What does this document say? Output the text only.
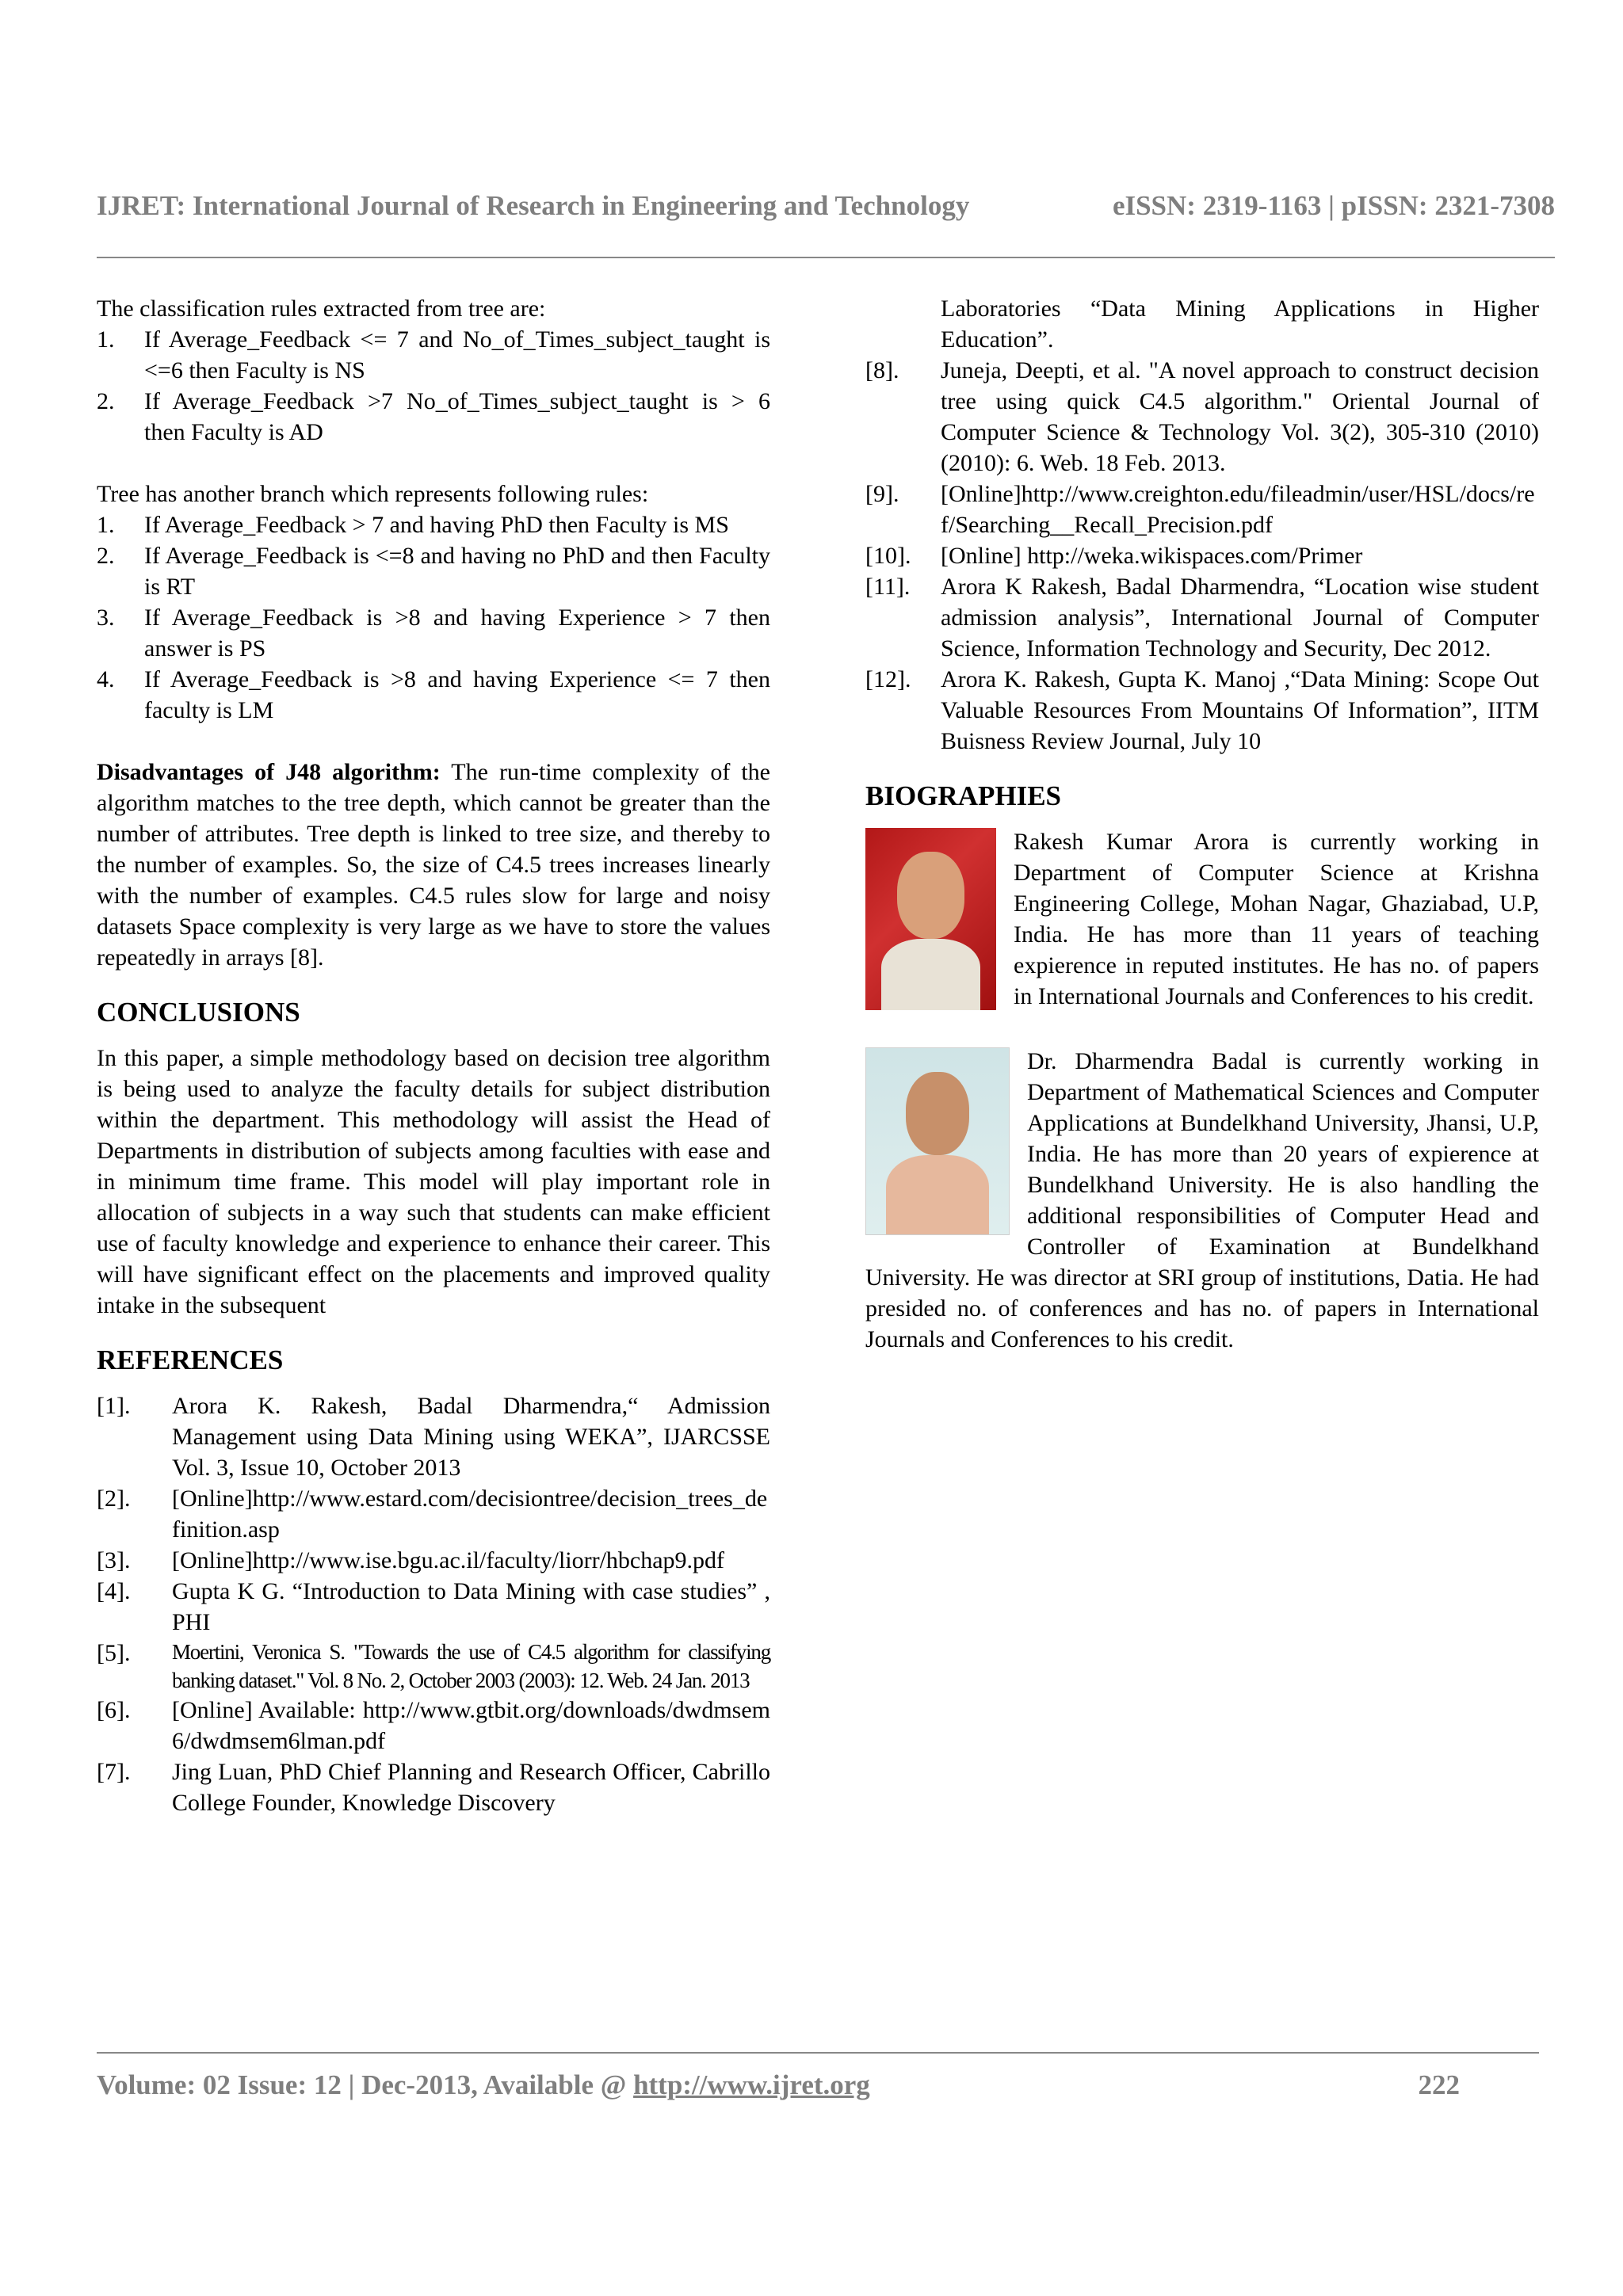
IJRET: International Journal of Research in Engineering and Technology	eISSN: 2319-1163 | pISSN: 2321-7308

The classification rules extracted from tree are:

1.	If Average_Feedback <= 7 and No_of_Times_subject_taught is <=6 then Faculty is NS
2.	If Average_Feedback >7 No_of_Times_subject_taught is > 6 then Faculty is AD

Tree has another branch which represents following rules:

1.	If Average_Feedback > 7 and having PhD then Faculty is MS
2.	If Average_Feedback is <=8 and having no PhD and then Faculty is RT
3.	If Average_Feedback is >8 and having Experience > 7 then answer is PS
4.	If Average_Feedback is >8 and having Experience <= 7 then faculty is LM

Disadvantages of J48 algorithm: The run-time complexity of the algorithm matches to the tree depth, which cannot be greater than the number of attributes. Tree depth is linked to tree size, and thereby to the number of examples. So, the size of C4.5 trees increases linearly with the number of examples. C4.5 rules slow for large and noisy datasets Space complexity is very large as we have to store the values repeatedly in arrays [8].

CONCLUSIONS

In this paper, a simple methodology based on decision tree algorithm is being used to analyze the faculty details for subject distribution within the department. This methodology will assist the Head of Departments in distribution of subjects among faculties with ease and in minimum time frame. This model will play important role in allocation of subjects in a way such that students can make efficient use of faculty knowledge and experience to enhance their career. This will have significant effect on the placements and improved quality intake in the subsequent

REFERENCES
[1].	Arora K. Rakesh, Badal Dharmendra,“ Admission Management using Data Mining using WEKA”, IJARCSSE Vol. 3, Issue 10, October 2013
[2].	[Online]http://www.estard.com/decisiontree/decision_trees_definition.asp
[3].	[Online]http://www.ise.bgu.ac.il/faculty/liorr/hbchap9.pdf
[4].	Gupta K G. “Introduction to Data Mining with case studies” , PHI
[5].	Moertini, Veronica S. "Towards the use of C4.5 algorithm for classifying banking dataset." Vol. 8 No. 2, October 2003 (2003): 12. Web. 24 Jan. 2013
[6].	[Online] Available: http://www.gtbit.org/downloads/dwdmsem6/dwdmsem6lman.pdf
[7].	Jing Luan, PhD Chief Planning and Research Officer, Cabrillo College Founder, Knowledge Discovery
Laboratories “Data Mining Applications in Higher Education”.
[8].	Juneja, Deepti, et al. "A novel approach to construct decision tree using quick C4.5 algorithm." Oriental Journal of Computer Science & Technology Vol. 3(2), 305-310 (2010) (2010): 6. Web. 18 Feb. 2013.
[9].	[Online]http://www.creighton.edu/fileadmin/user/HSL/docs/ref/Searching__Recall_Precision.pdf
[10].	[Online] http://weka.wikispaces.com/Primer
[11].	Arora K Rakesh, Badal Dharmendra, “Location wise student admission analysis”, International Journal of Computer Science, Information Technology and Security, Dec 2012.
[12].	Arora K. Rakesh, Gupta K. Manoj ,“Data Mining: Scope Out Valuable Resources From Mountains Of Information”, IITM Buisness Review Journal, July 10
BIOGRAPHIES

Rakesh Kumar Arora is currently working in Department of Computer Science at Krishna Engineering College, Mohan Nagar, Ghaziabad, U.P, India. He has more than 11 years of teaching expierence in reputed institutes. He has no. of papers in International Journals and Conferences to his credit.

Dr. Dharmendra Badal is currently working in Department of Mathematical Sciences and Computer Applications at Bundelkhand University, Jhansi, U.P, India. He has more than 20 years of expierence at Bundelkhand University. He is also handling the additional responsibilities of Computer Head and Controller of Examination at Bundelkhand University. He was director at SRI group of institutions, Datia. He had presided no. of conferences and has no. of papers in International Journals and Conferences to his credit.

Volume: 02 Issue: 12 | Dec-2013, Available @ http://www.ijret.org	222
